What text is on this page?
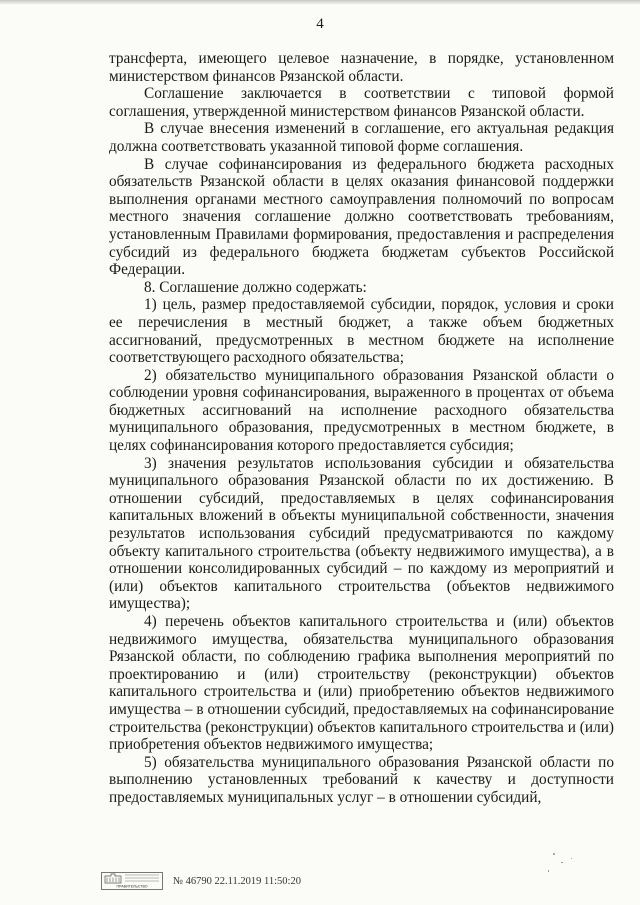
4

трансферта, имеющего целевое назначение, в порядке, установленном министерством финансов Рязанской области.

Соглашение заключается в соответствии с типовой формой соглашения, утвержденной министерством финансов Рязанской области.

В случае внесения изменений в соглашение, его актуальная редакция должна соответствовать указанной типовой форме соглашения.

В случае софинансирования из федерального бюджета расходных обязательств Рязанской области в целях оказания финансовой поддержки выполнения органами местного самоуправления полномочий по вопросам местного значения соглашение должно соответствовать требованиям, установленным Правилами формирования, предоставления и распределения субсидий из федерального бюджета бюджетам субъектов Российской Федерации.

8. Соглашение должно содержать:

1) цель, размер предоставляемой субсидии, порядок, условия и сроки ее перечисления в местный бюджет, а также объем бюджетных ассигнований, предусмотренных в местном бюджете на исполнение соответствующего расходного обязательства;

2) обязательство муниципального образования Рязанской области о соблюдении уровня софинансирования, выраженного в процентах от объема бюджетных ассигнований на исполнение расходного обязательства муниципального образования, предусмотренных в местном бюджете, в целях софинансирования которого предоставляется субсидия;

3) значения результатов использования субсидии и обязательства муниципального образования Рязанской области по их достижению. В отношении субсидий, предоставляемых в целях софинансирования капитальных вложений в объекты муниципальной собственности, значения результатов использования субсидий предусматриваются по каждому объекту капитального строительства (объекту недвижимого имущества), а в отношении консолидированных субсидий – по каждому из мероприятий и (или) объектов капитального строительства (объектов недвижимого имущества);

4) перечень объектов капитального строительства и (или) объектов недвижимого имущества, обязательства муниципального образования Рязанской области, по соблюдению графика выполнения мероприятий по проектированию и (или) строительству (реконструкции) объектов капитального строительства и (или) приобретению объектов недвижимого имущества – в отношении субсидий, предоставляемых на софинансирование строительства (реконструкции) объектов капитального строительства и (или) приобретения объектов недвижимого имущества;

5) обязательства муниципального образования Рязанской области по выполнению установленных требований к качеству и доступности предоставляемых муниципальных услуг – в отношении субсидий,

ПРАВИТЕЛЬСТВО № 46790 22.11.2019 11:50:20
